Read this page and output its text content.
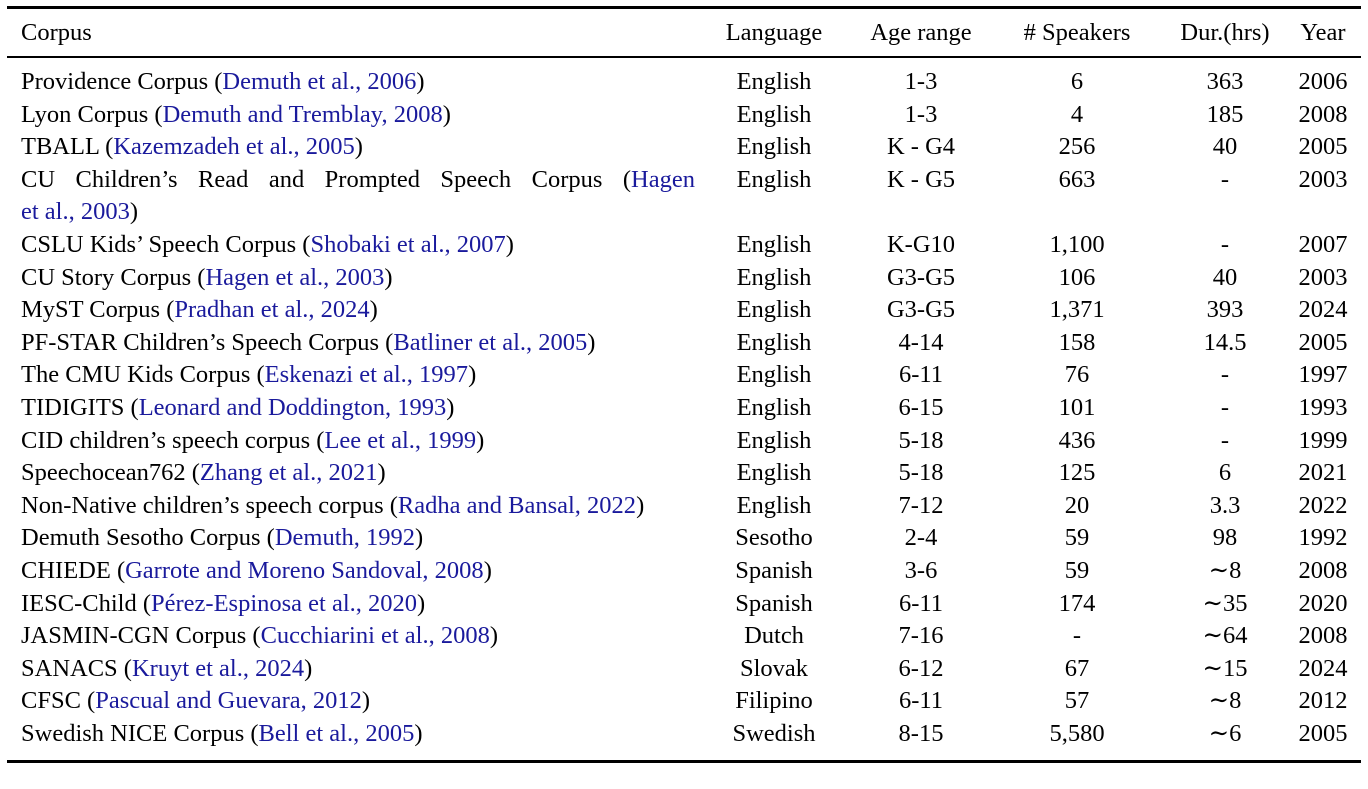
Corpus	Language	Age range	# Speakers	Dur.(hrs)	Year
Providence Corpus (Demuth et al., 2006)	English	1-3	6	363	2006
Lyon Corpus (Demuth and Tremblay, 2008)	English	1-3	4	185	2008
TBALL (Kazemzadeh et al., 2005)	English	K - G4	256	40	2005

CU Children’s Read and Prompted Speech Corpus (Hagen
et al., 2003)	English	K - G5	663	-	2003
CSLU Kids’ Speech Corpus (Shobaki et al., 2007)	English	K-G10	1,100	-	2007
CU Story Corpus (Hagen et al., 2003)	English	G3-G5	106	40	2003
MyST Corpus (Pradhan et al., 2024)	English	G3-G5	1,371	393	2024
PF-STAR Children’s Speech Corpus (Batliner et al., 2005)	English	4-14	158	14.5	2005
The CMU Kids Corpus (Eskenazi et al., 1997)	English	6-11	76	-	1997
TIDIGITS (Leonard and Doddington, 1993)	English	6-15	101	-	1993
CID children’s speech corpus (Lee et al., 1999)	English	5-18	436	-	1999
Speechocean762 (Zhang et al., 2021)	English	5-18	125	6	2021
Non-Native children’s speech corpus (Radha and Bansal, 2022)	English	7-12	20	3.3	2022
Demuth Sesotho Corpus (Demuth, 1992)	Sesotho	2-4	59	98	1992
CHIEDE (Garrote and Moreno Sandoval, 2008)	Spanish	3-6	59	∼8	2008
IESC-Child (Pérez-Espinosa et al., 2020)	Spanish	6-11	174	∼35	2020
JASMIN-CGN Corpus (Cucchiarini et al., 2008)	Dutch	7-16	-	∼64	2008
SANACS (Kruyt et al., 2024)	Slovak	6-12	67	∼15	2024
CFSC (Pascual and Guevara, 2012)	Filipino	6-11	57	∼8	2012
Swedish NICE Corpus (Bell et al., 2005)	Swedish	8-15	5,580	∼6	2005
